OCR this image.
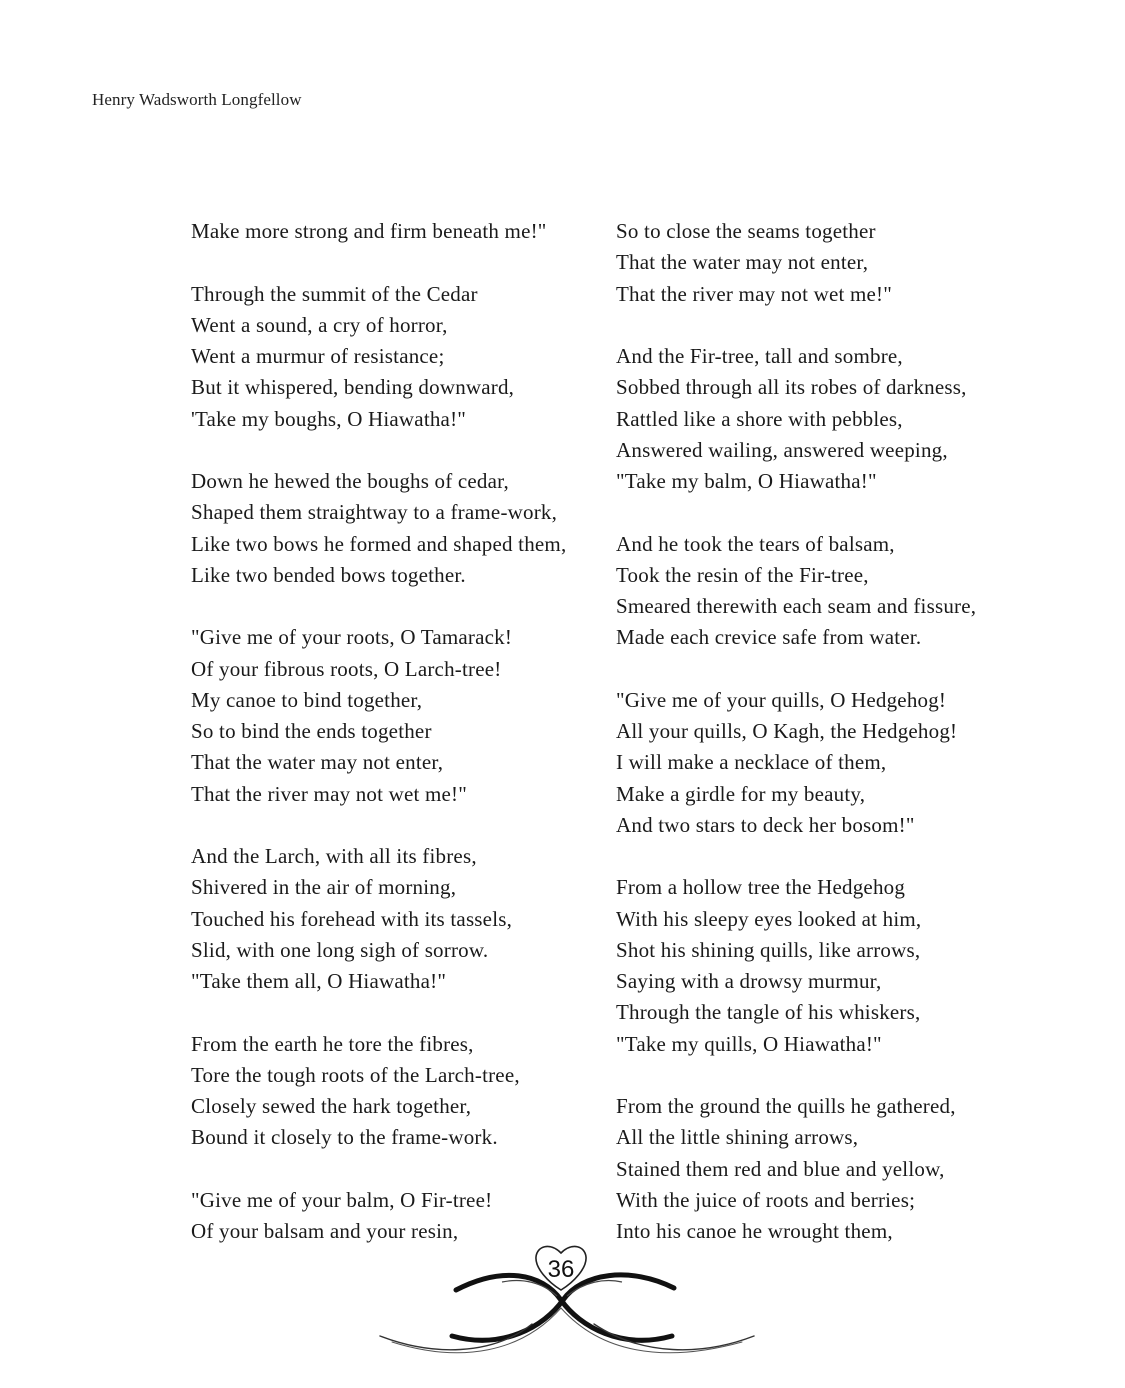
Henry Wadsworth Longfellow
Make more strong and firm beneath me!"
Through the summit of the Cedar
Went a sound, a cry of horror,
Went a murmur of resistance;
But it whispered, bending downward,
'Take my boughs, O Hiawatha!"
Down he hewed the boughs of cedar,
Shaped them straightway to a frame-work,
Like two bows he formed and shaped them,
Like two bended bows together.
"Give me of your roots, O Tamarack!
Of your fibrous roots, O Larch-tree!
My canoe to bind together,
So to bind the ends together
That the water may not enter,
That the river may not wet me!"
And the Larch, with all its fibres,
Shivered in the air of morning,
Touched his forehead with its tassels,
Slid, with one long sigh of sorrow.
"Take them all, O Hiawatha!"
From the earth he tore the fibres,
Tore the tough roots of the Larch-tree,
Closely sewed the hark together,
Bound it closely to the frame-work.
"Give me of your balm, O Fir-tree!
Of your balsam and your resin,
So to close the seams together
That the water may not enter,
That the river may not wet me!"
And the Fir-tree, tall and sombre,
Sobbed through all its robes of darkness,
Rattled like a shore with pebbles,
Answered wailing, answered weeping,
"Take my balm, O Hiawatha!"
And he took the tears of balsam,
Took the resin of the Fir-tree,
Smeared therewith each seam and fissure,
Made each crevice safe from water.
"Give me of your quills, O Hedgehog!
All your quills, O Kagh, the Hedgehog!
I will make a necklace of them,
Make a girdle for my beauty,
And two stars to deck her bosom!"
From a hollow tree the Hedgehog
With his sleepy eyes looked at him,
Shot his shining quills, like arrows,
Saying with a drowsy murmur,
Through the tangle of his whiskers,
"Take my quills, O Hiawatha!"
From the ground the quills he gathered,
All the little shining arrows,
Stained them red and blue and yellow,
With the juice of roots and berries;
Into his canoe he wrought them,
36
